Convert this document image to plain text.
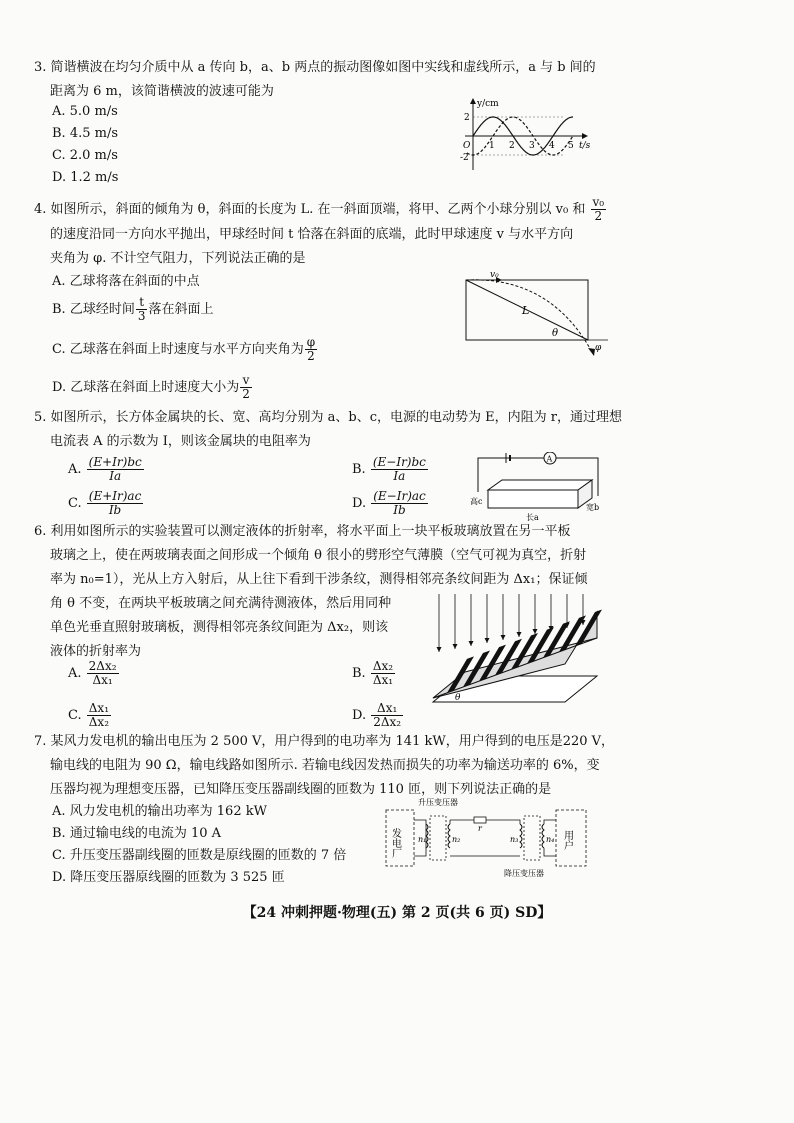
3. 简谐横波在均匀介质中从 a 传向 b，a、b 两点的振动图像如图中实线和虚线所示，a 与 b 间的
距离为 6 m，该简谐横波的波速可能为
A. 5.0 m/s
B. 4.5 m/s
C. 2.0 m/s
D. 1.2 m/s
y/cm
t/s
O
2
-2
1 2 3 4 5
4. 如图所示，斜面的倾角为 θ，斜面的长度为 L. 在一斜面顶端，将甲、乙两个小球分别以 v₀ 和 $\frac{\text{v₀}}{2}$
的速度沿同一方向水平抛出，甲球经时间 t 恰落在斜面的底端，此时甲球速度 v 与水平方向
夹角为 φ. 不计空气阻力，下列说法正确的是
A. 乙球将落在斜面的中点
B. 乙球经时间 $\frac{t}{3}$ 落在斜面上
C. 乙球落在斜面上时速度与水平方向夹角为 $\frac{\varphi}{2}$
D. 乙球落在斜面上时速度大小为 $\frac{v}{2}$
v₀
L
θ
φ
5. 如图所示，长方体金属块的长、宽、高均分别为 a、b、c，电源的电动势为 E，内阻为 r，通过理想
电流表 A 的示数为 I，则该金属块的电阻率为
A. $\frac{(E+Ir)bc}{Ia}$	B. $\frac{(E-Ir)bc}{Ia}$
C. $\frac{(E+Ir)ac}{Ib}$	D. $\frac{(E-Ir)ac}{Ib}$
A
高c
长a
宽b
6. 利用如图所示的实验装置可以测定液体的折射率，将水平面上一块平板玻璃放置在另一平板
玻璃之上，使在两玻璃表面之间形成一个倾角 θ 很小的劈形空气薄膜（空气可视为真空，折射
率为 n₀=1），光从上方入射后，从上往下看到干涉条纹，测得相邻亮条纹间距为 Δx₁；保证倾
角 θ 不变，在两块平板玻璃之间充满待测液体，然后用同种
单色光垂直照射玻璃板，测得相邻亮条纹间距为 Δx₂，则该
液体的折射率为
A. $\frac{\text{2Δx₂}}{\text{Δx₁}}$	B. $\frac{\text{Δx₂}}{\text{Δx₁}}$
C. $\frac{\text{Δx₁}}{\text{Δx₂}}$	D. $\frac{\text{Δx₁}}{\text{2Δx₂}}$
θ
7. 某风力发电机的输出电压为 2 500 V，用户得到的电功率为 141 kW，用户得到的电压是220 V，
输电线的电阻为 90 Ω，输电线路如图所示. 若输电线因发热而损失的功率为输送功率的 6%，变
压器均视为理想变压器，已知降压变压器副线圈的匝数为 110 匝，则下列说法正确的是
A. 风力发电机的输出功率为 162 kW
B. 通过输电线的电流为 10 A
C. 升压变压器副线圈的匝数是原线圈的匝数的 7 倍
D. 降压变压器原线圈的匝数为 3 525 匝
发电厂	用户
升压变压器
降压变压器
n₁	n₂
r
n₃	n₄
【24 冲刺押题·物理(五) 第 2 页(共 6 页) SD】
